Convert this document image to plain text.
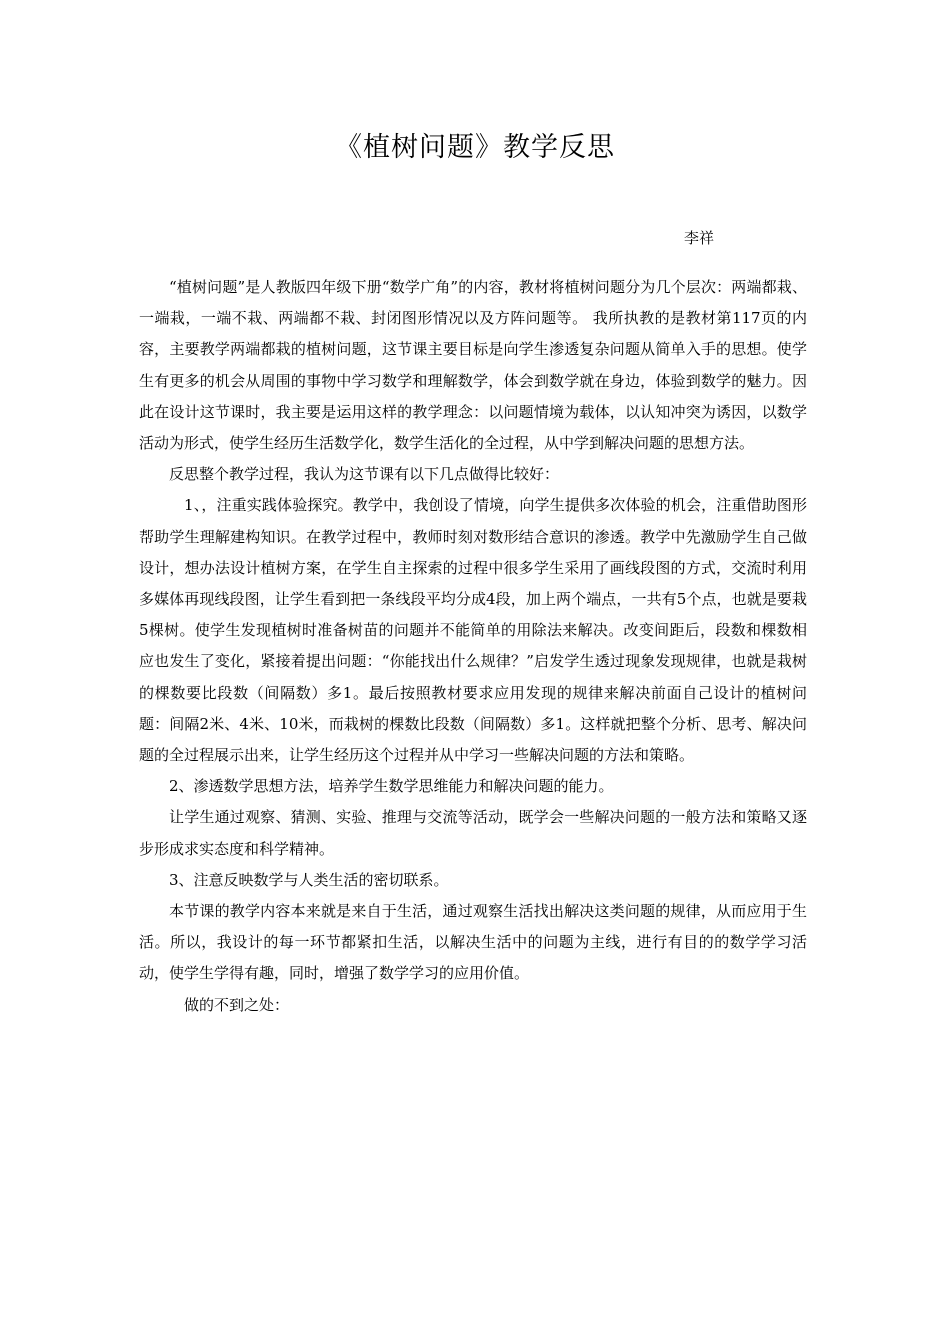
《植树问题》教学反思

李祥

“植树问题”是人教版四年级下册“数学广角”的内容，教材将植树问题分为几个层次：两端都栽、一端栽，一端不栽、两端都不栽、封闭图形情况以及方阵问题等。 我所执教的是教材第117页的内容，主要教学两端都栽的植树问题，这节课主要目标是向学生渗透复杂问题从简单入手的思想。使学生有更多的机会从周围的事物中学习数学和理解数学，体会到数学就在身边，体验到数学的魅力。因此在设计这节课时，我主要是运用这样的教学理念：以问题情境为载体，以认知冲突为诱因，以数学活动为形式，使学生经历生活数学化，数学生活化的全过程，从中学到解决问题的思想方法。

反思整个教学过程，我认为这节课有以下几点做得比较好：

1、，注重实践体验探究。教学中，我创设了情境，向学生提供多次体验的机会，注重借助图形帮助学生理解建构知识。在教学过程中，教师时刻对数形结合意识的渗透。教学中先激励学生自己做设计，想办法设计植树方案，在学生自主探索的过程中很多学生采用了画线段图的方式，交流时利用多媒体再现线段图，让学生看到把一条线段平均分成4段，加上两个端点，一共有5个点，也就是要栽5棵树。使学生发现植树时准备树苗的问题并不能简单的用除法来解决。改变间距后，段数和棵数相应也发生了变化，紧接着提出问题：“你能找出什么规律？”启发学生透过现象发现规律，也就是栽树的棵数要比段数（间隔数）多1。最后按照教材要求应用发现的规律来解决前面自己设计的植树问题：间隔2米、4米、10米，而栽树的棵数比段数（间隔数）多1。这样就把整个分析、思考、解决问题的全过程展示出来，让学生经历这个过程并从中学习一些解决问题的方法和策略。

2、渗透数学思想方法，培养学生数学思维能力和解决问题的能力。

让学生通过观察、猜测、实验、推理与交流等活动，既学会一些解决问题的一般方法和策略又逐步形成求实态度和科学精神。

3、注意反映数学与人类生活的密切联系。

本节课的教学内容本来就是来自于生活，通过观察生活找出解决这类问题的规律，从而应用于生活。所以，我设计的每一环节都紧扣生活，以解决生活中的问题为主线，进行有目的的数学学习活动，使学生学得有趣，同时，增强了数学学习的应用价值。

做的不到之处：
